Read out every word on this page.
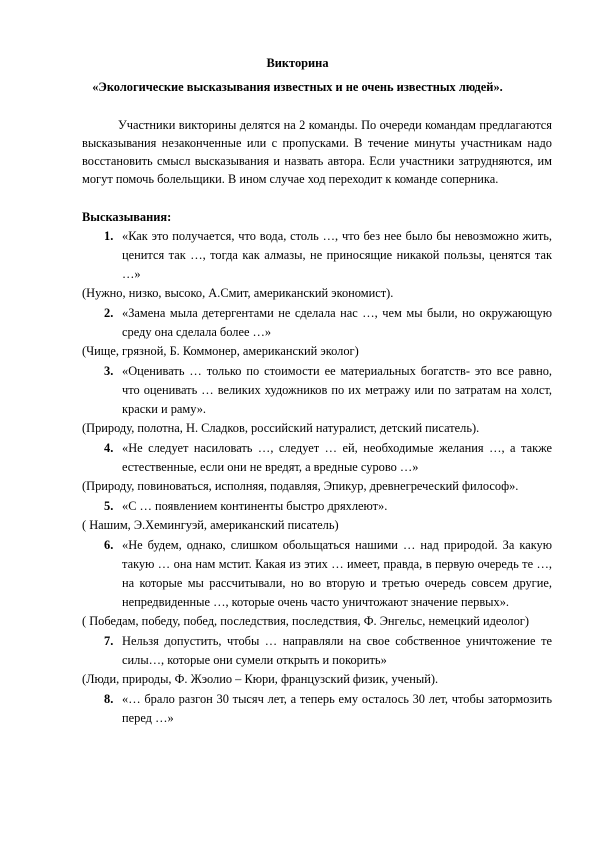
Викторина
«Экологические высказывания известных и не очень известных людей».
Участники викторины делятся на 2 команды. По очереди командам предлагаются высказывания незаконченные или с пропусками. В течение минуты участникам надо восстановить смысл высказывания и назвать автора. Если участники затрудняются, им могут помочь болельщики. В ином случае ход переходит к команде соперника.
Высказывания:
1. «Как это получается, что вода, столь …, что без нее было бы невозможно жить, ценится так …, тогда как алмазы, не приносящие никакой пользы, ценятся так …»
(Нужно, низко, высоко, А.Смит, американский экономист).
2. «Замена мыла детергентами не сделала нас …, чем мы были, но окружающую среду она сделала более …»
(Чище, грязной, Б. Коммонер, американский эколог)
3. «Оценивать … только по стоимости ее материальных богатств- это все равно, что оценивать … великих художников по их метражу или по затратам на холст, краски и раму».
(Природу, полотна, Н. Сладков, российский натуралист, детский писатель).
4. «Не следует насиловать …, следует … ей, необходимые желания …, а также естественные, если они не вредят, а вредные сурово …»
(Природу, повиноваться, исполняя, подавляя, Эпикур, древнегреческий философ».
5. «С … появлением континенты быстро дряхлеют».
( Нашим, Э.Хемингуэй, американский писатель)
6. «Не будем, однако, слишком обольщаться нашими … над природой. За какую такую … она нам мстит. Какая из этих … имеет, правда, в первую очередь те …, на которые мы рассчитывали, но во вторую и третью очередь совсем другие, непредвиденные …, которые очень часто уничтожают значение первых».
( Победам, победу, побед, последствия, последствия, Ф. Энгельс, немецкий идеолог)
7. Нельзя допустить, чтобы … направляли на свое собственное уничтожение те силы…, которые они сумели открыть и покорить»
(Люди, природы, Ф. Жэолио – Кюри, французский физик, ученый).
8. «… брало разгон 30 тысяч лет, а теперь ему осталось 30 лет, чтобы затормозить перед …»
